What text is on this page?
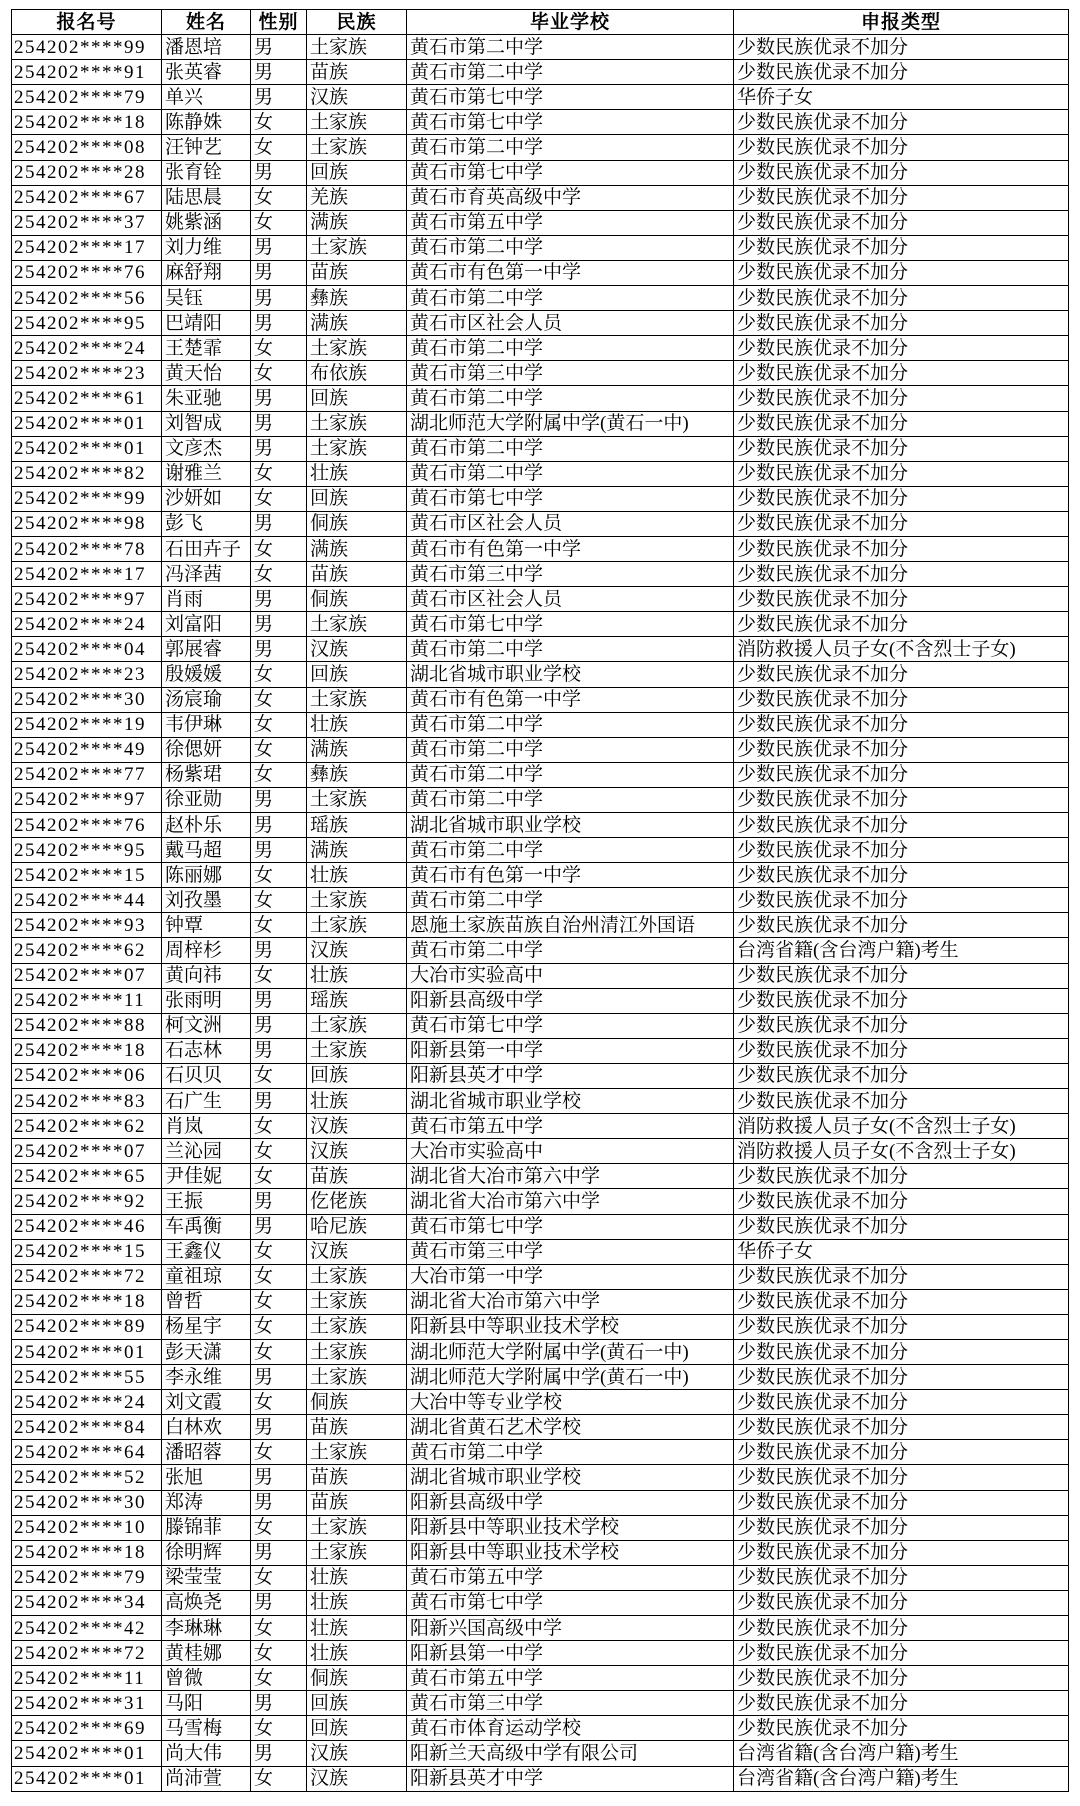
报名号	姓名	性别	民族	毕业学校	申报类型
254202****99	潘恩培	男	土家族	黄石市第二中学	少数民族优录不加分
254202****91	张英睿	男	苗族	黄石市第二中学	少数民族优录不加分
254202****79	单兴	男	汉族	黄石市第七中学	华侨子女
254202****18	陈静姝	女	土家族	黄石市第七中学	少数民族优录不加分
254202****08	汪钟艺	女	土家族	黄石市第二中学	少数民族优录不加分
254202****28	张育铨	男	回族	黄石市第七中学	少数民族优录不加分
254202****67	陆思晨	女	羌族	黄石市育英高级中学	少数民族优录不加分
254202****37	姚紫涵	女	满族	黄石市第五中学	少数民族优录不加分
254202****17	刘力维	男	土家族	黄石市第二中学	少数民族优录不加分
254202****76	麻舒翔	男	苗族	黄石市有色第一中学	少数民族优录不加分
254202****56	吴钰	男	彝族	黄石市第二中学	少数民族优录不加分
254202****95	巴靖阳	男	满族	黄石市区社会人员	少数民族优录不加分
254202****24	王楚霏	女	土家族	黄石市第二中学	少数民族优录不加分
254202****23	黄天怡	女	布依族	黄石市第三中学	少数民族优录不加分
254202****61	朱亚驰	男	回族	黄石市第二中学	少数民族优录不加分
254202****01	刘智成	男	土家族	湖北师范大学附属中学(黄石一中)	少数民族优录不加分
254202****01	文彦杰	男	土家族	黄石市第二中学	少数民族优录不加分
254202****82	谢雅兰	女	壮族	黄石市第二中学	少数民族优录不加分
254202****99	沙妍如	女	回族	黄石市第七中学	少数民族优录不加分
254202****98	彭飞	男	侗族	黄石市区社会人员	少数民族优录不加分
254202****78	石田卉子	女	满族	黄石市有色第一中学	少数民族优录不加分
254202****17	冯泽茜	女	苗族	黄石市第三中学	少数民族优录不加分
254202****97	肖雨	男	侗族	黄石市区社会人员	少数民族优录不加分
254202****24	刘富阳	男	土家族	黄石市第七中学	少数民族优录不加分
254202****04	郭展睿	男	汉族	黄石市第二中学	消防救援人员子女(不含烈士子女)
254202****23	殷媛媛	女	回族	湖北省城市职业学校	少数民族优录不加分
254202****30	汤宸瑜	女	土家族	黄石市有色第一中学	少数民族优录不加分
254202****19	韦伊琳	女	壮族	黄石市第二中学	少数民族优录不加分
254202****49	徐偲妍	女	满族	黄石市第二中学	少数民族优录不加分
254202****77	杨紫珺	女	彝族	黄石市第二中学	少数民族优录不加分
254202****97	徐亚勋	男	土家族	黄石市第二中学	少数民族优录不加分
254202****76	赵朴乐	男	瑶族	湖北省城市职业学校	少数民族优录不加分
254202****95	戴马超	男	满族	黄石市第二中学	少数民族优录不加分
254202****15	陈丽娜	女	壮族	黄石市有色第一中学	少数民族优录不加分
254202****44	刘孜墨	女	土家族	黄石市第二中学	少数民族优录不加分
254202****93	钟覃	女	土家族	恩施土家族苗族自治州清江外国语	少数民族优录不加分
254202****62	周梓杉	男	汉族	黄石市第二中学	台湾省籍(含台湾户籍)考生
254202****07	黄向祎	女	壮族	大冶市实验高中	少数民族优录不加分
254202****11	张雨明	男	瑶族	阳新县高级中学	少数民族优录不加分
254202****88	柯文洲	男	土家族	黄石市第七中学	少数民族优录不加分
254202****18	石志林	男	土家族	阳新县第一中学	少数民族优录不加分
254202****06	石贝贝	女	回族	阳新县英才中学	少数民族优录不加分
254202****83	石广生	男	壮族	湖北省城市职业学校	少数民族优录不加分
254202****62	肖岚	女	汉族	黄石市第五中学	消防救援人员子女(不含烈士子女)
254202****07	兰沁园	女	汉族	大冶市实验高中	消防救援人员子女(不含烈士子女)
254202****65	尹佳妮	女	苗族	湖北省大冶市第六中学	少数民族优录不加分
254202****92	王振	男	仡佬族	湖北省大冶市第六中学	少数民族优录不加分
254202****46	车禹衡	男	哈尼族	黄石市第七中学	少数民族优录不加分
254202****15	王鑫仪	女	汉族	黄石市第三中学	华侨子女
254202****72	童祖琼	女	土家族	大冶市第一中学	少数民族优录不加分
254202****18	曾哲	女	土家族	湖北省大冶市第六中学	少数民族优录不加分
254202****89	杨星宇	女	土家族	阳新县中等职业技术学校	少数民族优录不加分
254202****01	彭天潇	女	土家族	湖北师范大学附属中学(黄石一中)	少数民族优录不加分
254202****55	李永维	男	土家族	湖北师范大学附属中学(黄石一中)	少数民族优录不加分
254202****24	刘文霞	女	侗族	大冶中等专业学校	少数民族优录不加分
254202****84	白林欢	男	苗族	湖北省黄石艺术学校	少数民族优录不加分
254202****64	潘昭蓉	女	土家族	黄石市第二中学	少数民族优录不加分
254202****52	张旭	男	苗族	湖北省城市职业学校	少数民族优录不加分
254202****30	郑涛	男	苗族	阳新县高级中学	少数民族优录不加分
254202****10	滕锦菲	女	土家族	阳新县中等职业技术学校	少数民族优录不加分
254202****18	徐明辉	男	土家族	阳新县中等职业技术学校	少数民族优录不加分
254202****79	梁莹莹	女	壮族	黄石市第五中学	少数民族优录不加分
254202****34	高焕尧	男	壮族	黄石市第七中学	少数民族优录不加分
254202****42	李琳琳	女	壮族	阳新兴国高级中学	少数民族优录不加分
254202****72	黄桂娜	女	壮族	阳新县第一中学	少数民族优录不加分
254202****11	曾微	女	侗族	黄石市第五中学	少数民族优录不加分
254202****31	马阳	男	回族	黄石市第三中学	少数民族优录不加分
254202****69	马雪梅	女	回族	黄石市体育运动学校	少数民族优录不加分
254202****01	尚大伟	男	汉族	阳新兰天高级中学有限公司	台湾省籍(含台湾户籍)考生
254202****01	尚沛萱	女	汉族	阳新县英才中学	台湾省籍(含台湾户籍)考生
